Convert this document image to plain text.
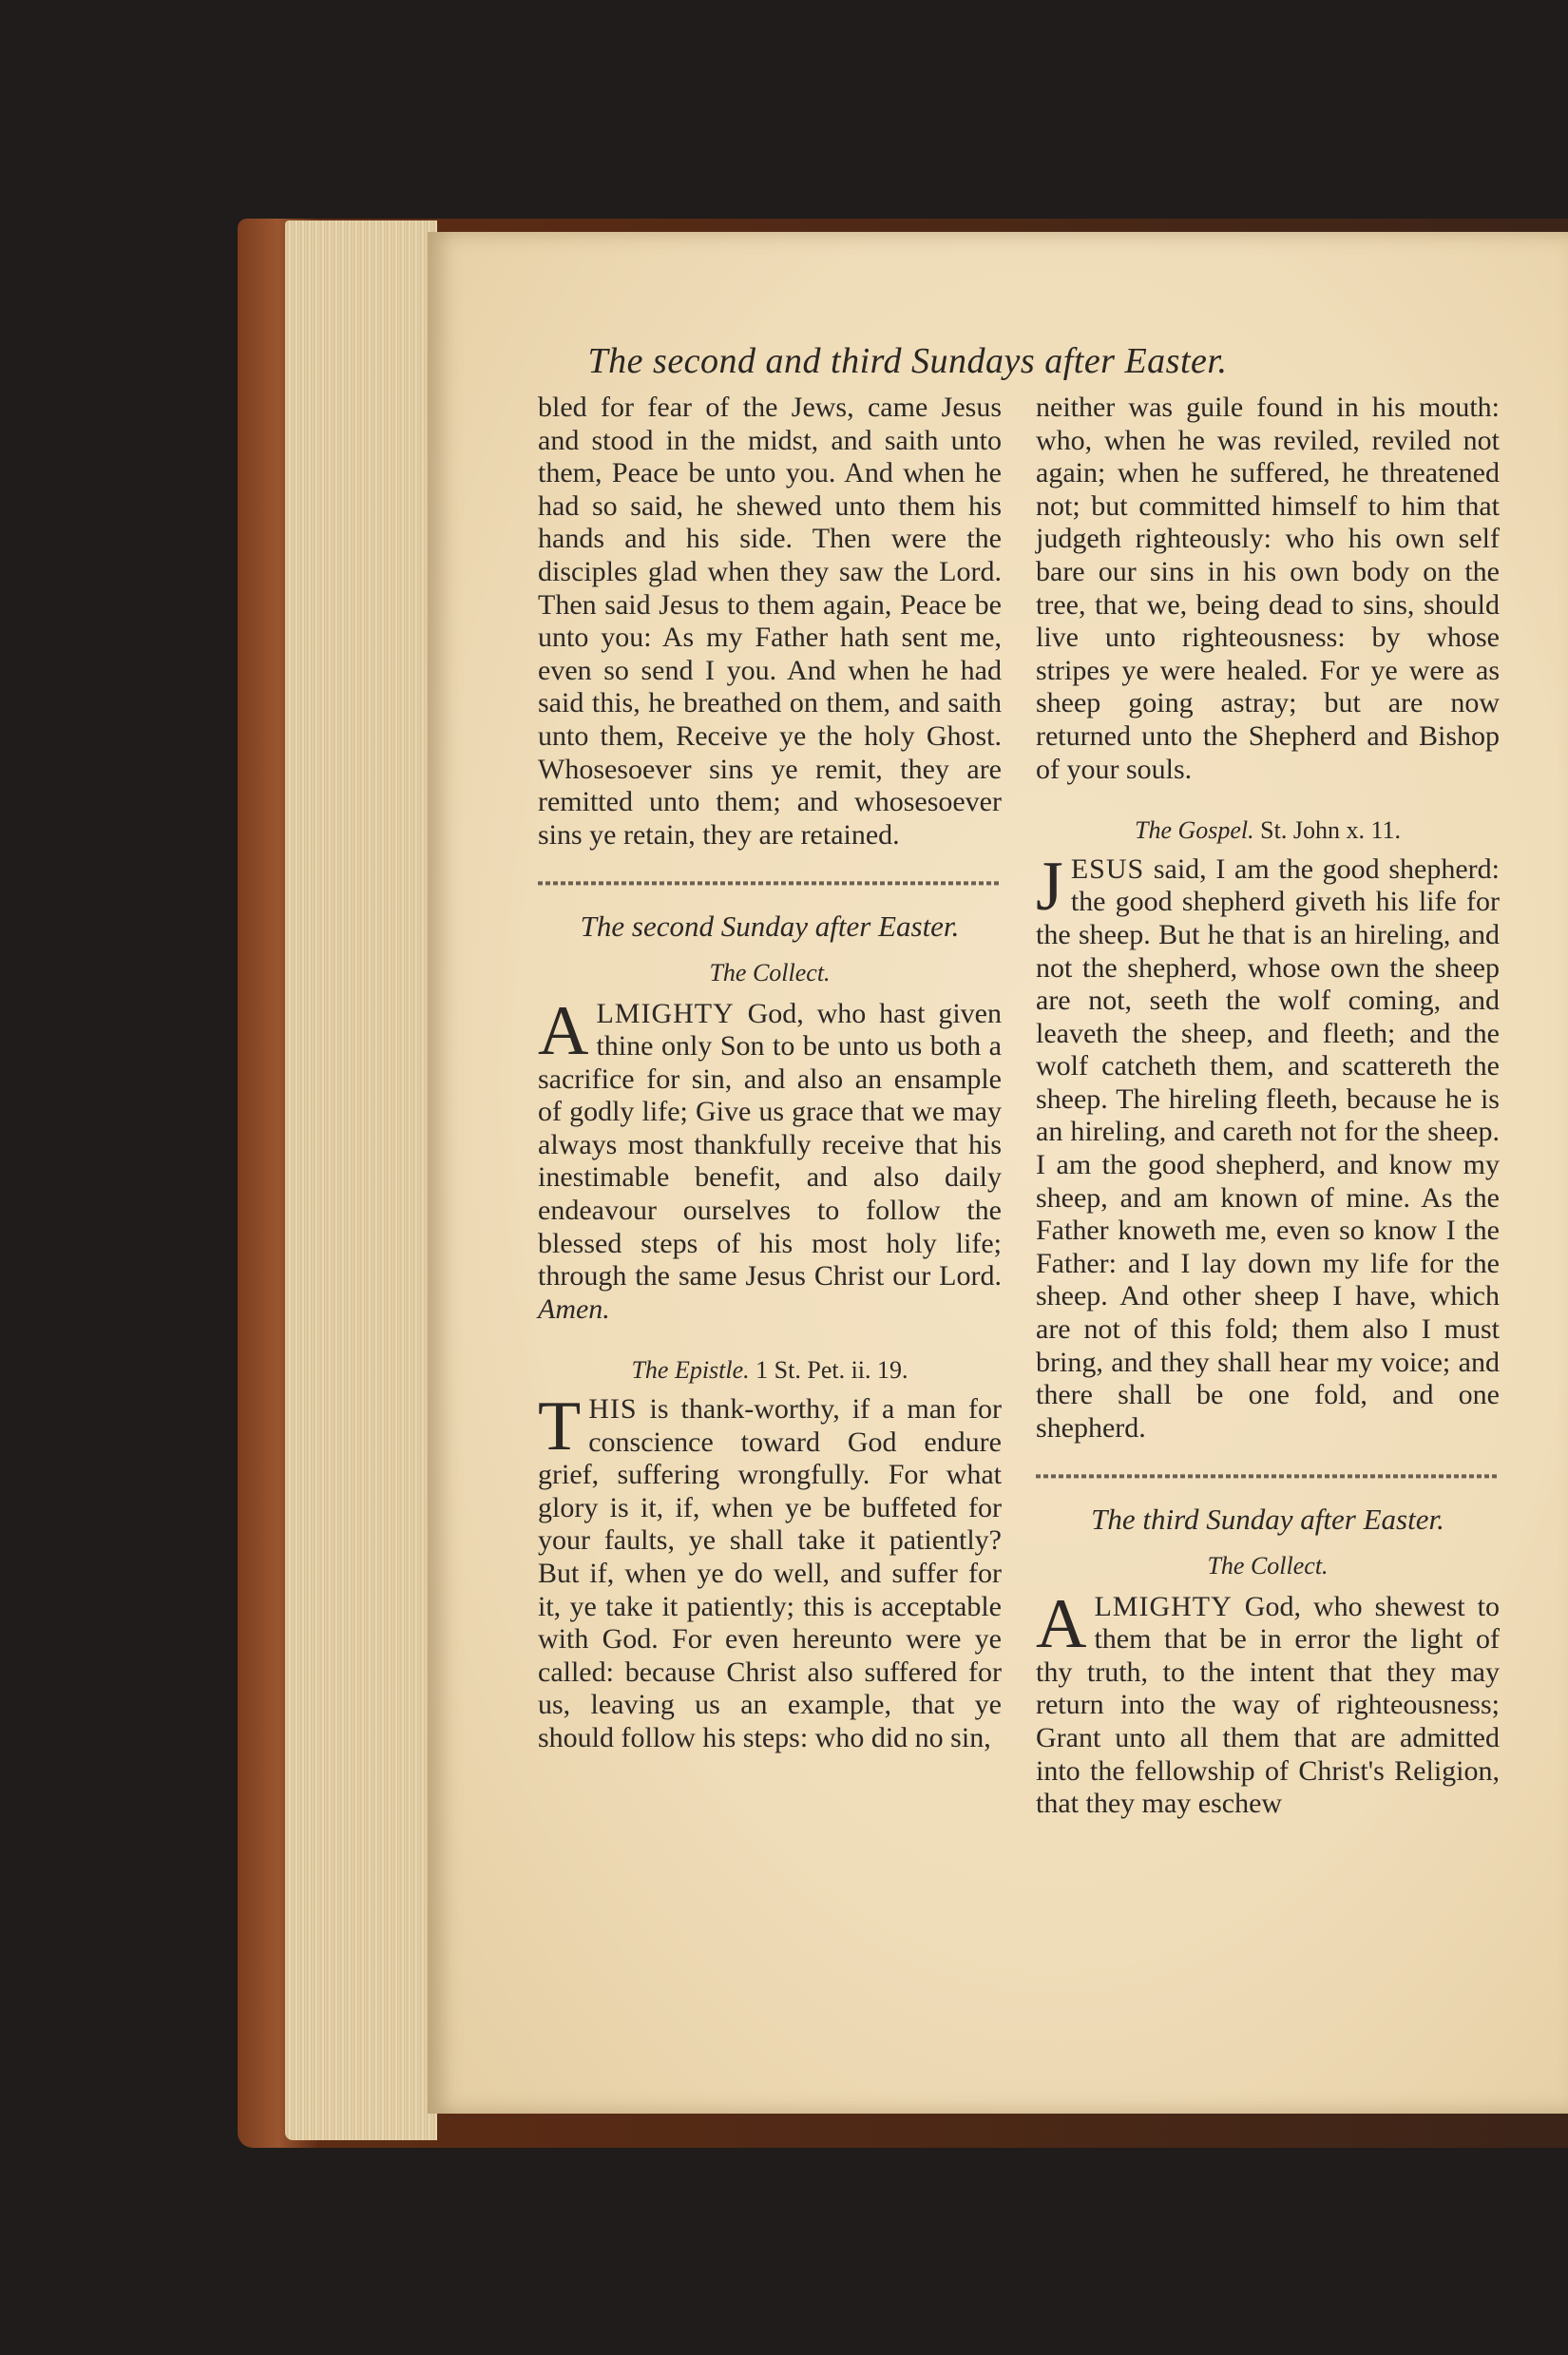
The second and third Sundays after Easter.

bled for fear of the Jews, came Jesus and stood in the midst, and saith unto them, Peace be unto you. And when he had so said, he shewed unto them his hands and his side. Then were the disciples glad when they saw the Lord. Then said Jesus to them again, Peace be unto you: As my Father hath sent me, even so send I you. And when he had said this, he breathed on them, and saith unto them, Receive ye the holy Ghost. Whosesoever sins ye remit, they are remitted unto them; and whosesoever sins ye retain, they are retained.

The second Sunday after Easter.
The Collect.

ALMIGHTY God, who hast given thine only Son to be unto us both a sacrifice for sin, and also an ensample of godly life; Give us grace that we may always most thankfully receive that his inestimable benefit, and also daily endeavour ourselves to follow the blessed steps of his most holy life; through the same Jesus Christ our Lord. Amen.

The Epistle. 1 St. Pet. ii. 19.

THIS is thank-worthy, if a man for conscience toward God endure grief, suffering wrongfully. For what glory is it, if, when ye be buffeted for your faults, ye shall take it patiently? But if, when ye do well, and suffer for it, ye take it patiently; this is acceptable with God. For even hereunto were ye called: because Christ also suffered for us, leaving us an example, that ye should follow his steps: who did no sin,

neither was guile found in his mouth: who, when he was reviled, reviled not again; when he suffered, he threatened not; but committed himself to him that judgeth righteously: who his own self bare our sins in his own body on the tree, that we, being dead to sins, should live unto righteousness: by whose stripes ye were healed. For ye were as sheep going astray; but are now returned unto the Shepherd and Bishop of your souls.

The Gospel. St. John x. 11.

JESUS said, I am the good shepherd: the good shepherd giveth his life for the sheep. But he that is an hireling, and not the shepherd, whose own the sheep are not, seeth the wolf coming, and leaveth the sheep, and fleeth; and the wolf catcheth them, and scattereth the sheep. The hireling fleeth, because he is an hireling, and careth not for the sheep. I am the good shepherd, and know my sheep, and am known of mine. As the Father knoweth me, even so know I the Father: and I lay down my life for the sheep. And other sheep I have, which are not of this fold; them also I must bring, and they shall hear my voice; and there shall be one fold, and one shepherd.

The third Sunday after Easter.
The Collect.

ALMIGHTY God, who shewest to them that be in error the light of thy truth, to the intent that they may return into the way of righteousness; Grant unto all them that are admitted into the fellowship of Christ's Religion, that they may eschew
